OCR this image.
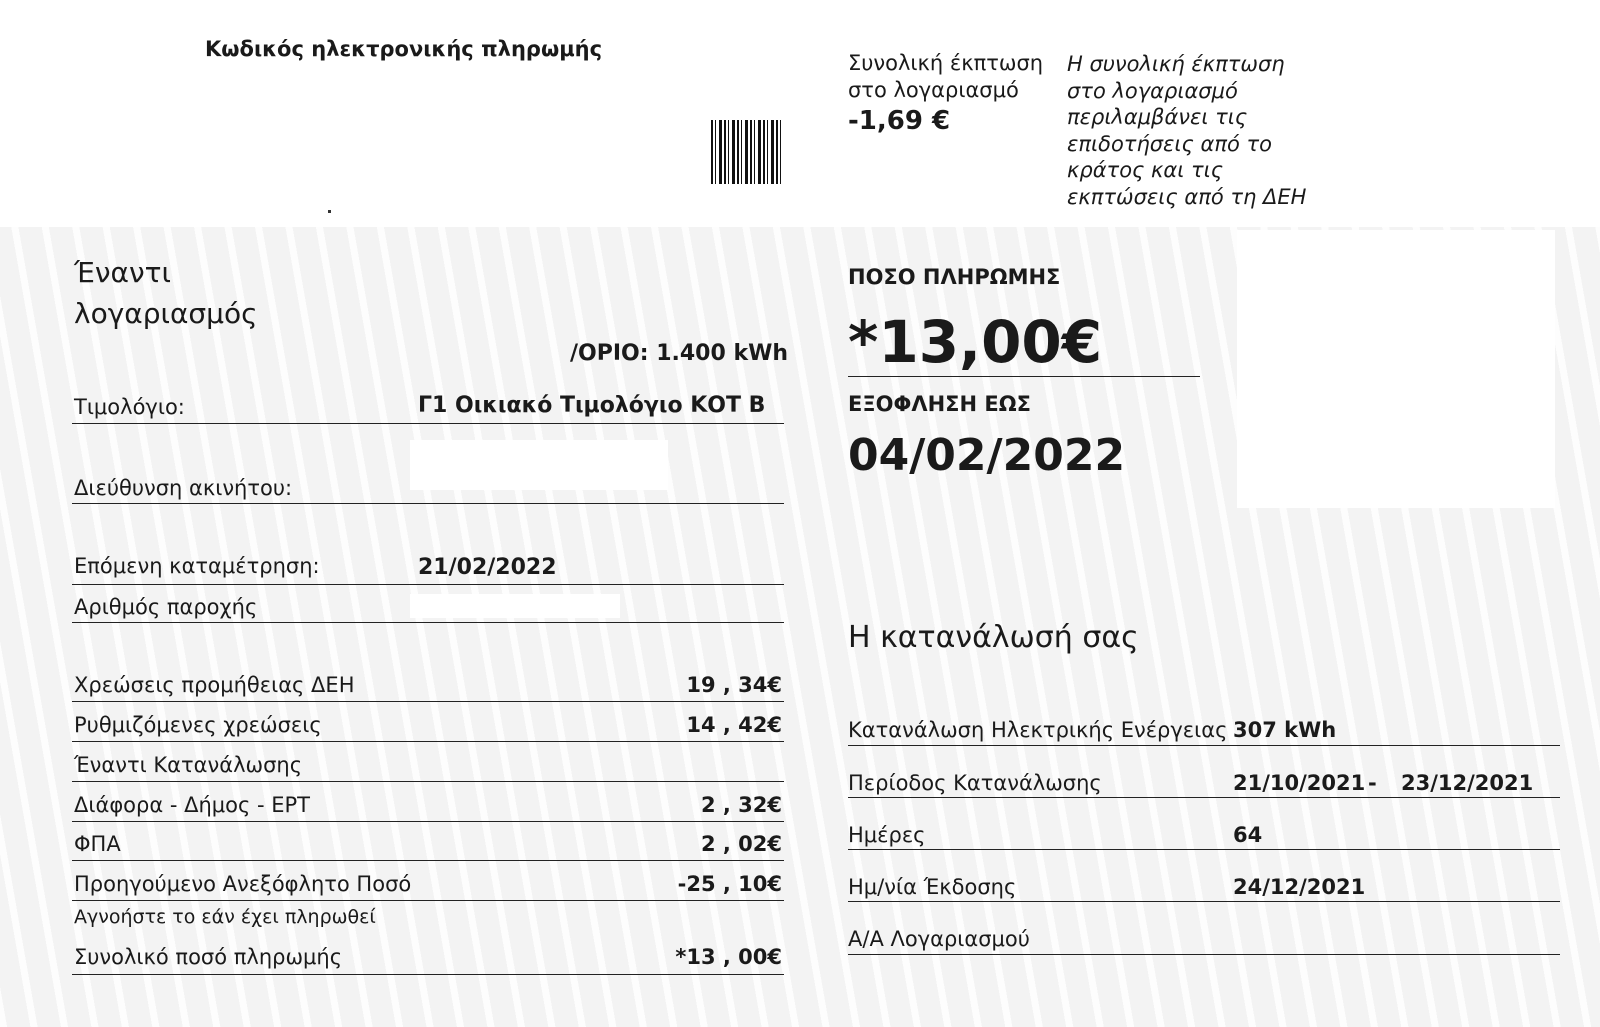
Κωδικός ηλεκτρονικής πληρωμής
Συνολική έκπτωση
στο λογαριασμό
-1,69 €
Η συνολική έκπτωση
στο λογαριασμό
περιλαμβάνει τις
επιδοτήσεις από το
κράτος και τις
εκπτώσεις από τη ΔΕΗ
Έναντι
λογαριασμός
/ΟΡΙΟ: 1.400 kWh
Τιμολόγιο:	Γ1 Οικιακό Τιμολόγιο ΚΟΤ Β
Διεύθυνση ακινήτου:
Επόμενη καταμέτρηση:	21/02/2022
Αριθμός παροχής
Χρεώσεις προμήθειας ΔΕΗ	19 , 34€
Ρυθμιζόμενες χρεώσεις	14 , 42€
Έναντι Κατανάλωσης
Διάφορα - Δήμος - ΕΡΤ	2 , 32€
ΦΠΑ	2 , 02€
Προηγούμενο Ανεξόφλητο Ποσό	-25 , 10€
Αγνοήστε το εάν έχει πληρωθεί
Συνολικό ποσό πληρωμής	*13 , 00€
ΠΟΣΟ ΠΛΗΡΩΜΗΣ
*13,00€
ΕΞΟΦΛΗΣΗ ΕΩΣ
04/02/2022
Η κατανάλωσή σας
Κατανάλωση Ηλεκτρικής Ενέργειας 307 kWh
Περίοδος Κατανάλωσης	21/10/2021 - 23/12/2021
Ημέρες	64
Ημ/νία Έκδοσης	24/12/2021
Α/Α Λογαριασμού
